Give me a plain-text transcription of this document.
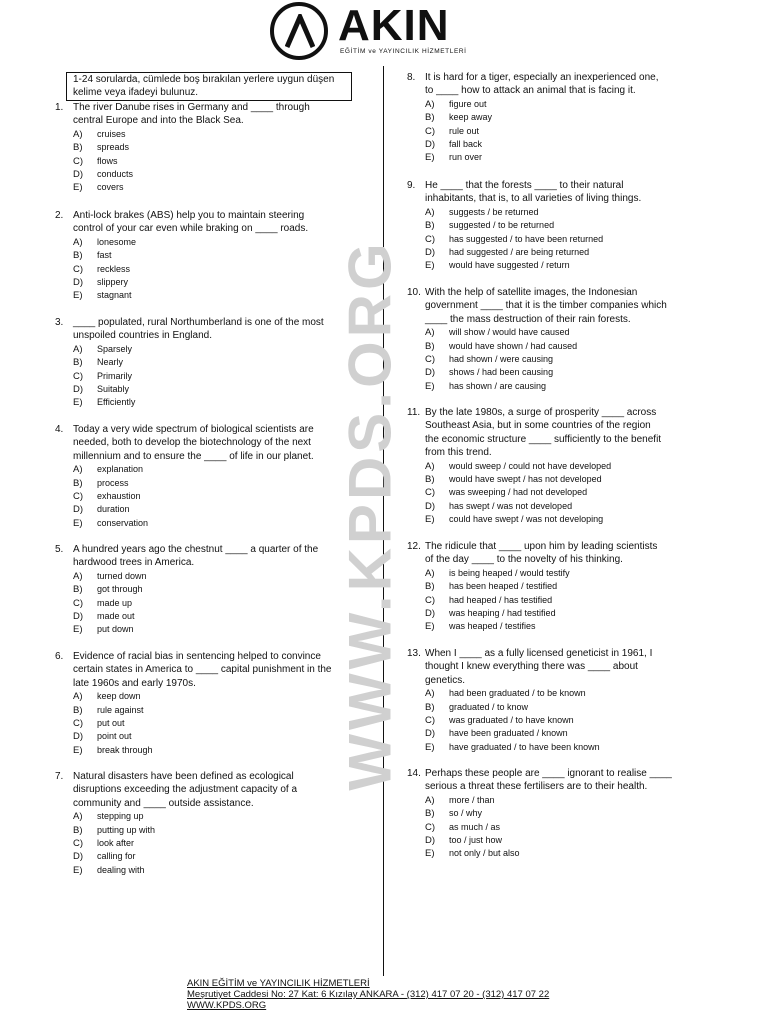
AKIN
EĞİTİM ve YAYINCILIK HİZMETLERİ
WWW.KPDS.ORG
1-24 sorularda, cümlede boş bırakılan yerlere uygun düşen kelime veya ifadeyi bulunuz.
1. The river Danube rises in Germany and ____ through
central Europe and into the Black Sea.
A) cruises
B) spreads
C) flows
D) conducts
E) covers
2. Anti-lock brakes (ABS) help you to maintain steering
control of your car even while braking on ____ roads.
A) lonesome
B) fast
C) reckless
D) slippery
E) stagnant
3. ____ populated, rural Northumberland is one of the most
unspoiled countries in England.
A) Sparsely
B) Nearly
C) Primarily
D) Suitably
E) Efficiently
4. Today a very wide spectrum of biological scientists are
needed, both to develop the biotechnology of the next
millennium and to ensure the ____ of life in our planet.
A) explanation
B) process
C) exhaustion
D) duration
E) conservation
5. A hundred years ago the chestnut ____ a quarter of the
hardwood trees in America.
A) turned down
B) got through
C) made up
D) made out
E) put down
6. Evidence of racial bias in sentencing helped to convince
certain states in America to ____ capital punishment in the
late 1960s and early 1970s.
A) keep down
B) rule against
C) put out
D) point out
E) break through
7. Natural disasters have been defined as ecological
disruptions exceeding the adjustment capacity of a
community and ____ outside assistance.
A) stepping up
B) putting up with
C) look after
D) calling for
E) dealing with
8. It is hard for a tiger, especially an inexperienced one,
to ____ how to attack an animal that is facing it.
A) figure out
B) keep away
C) rule out
D) fall back
E) run over
9. He ____ that the forests ____ to their natural
inhabitants, that is, to all varieties of living things.
A) suggests / be returned
B) suggested / to be returned
C) has suggested / to have been returned
D) had suggested / are being returned
E) would have suggested / return
10. With the help of satellite images, the Indonesian
government ____ that it is the timber companies which
____ the mass destruction of their rain forests.
A) will show / would have caused
B) would have shown / had caused
C) had shown / were causing
D) shows / had been causing
E) has shown / are causing
11. By the late 1980s, a surge of prosperity ____ across
Southeast Asia, but in some countries of the region
the economic structure ____ sufficiently to the benefit
from this trend.
A) would sweep / could not have developed
B) would have swept / has not developed
C) was sweeping / had not developed
D) has swept / was not developed
E) could have swept / was not developing
12. The ridicule that ____ upon him by leading scientists
of the day ____ to the novelty of his thinking.
A) is being heaped / would testify
B) has been heaped / testified
C) had heaped / has testified
D) was heaping / had testified
E) was heaped / testifies
13. When I ____ as a fully licensed geneticist in 1961, I
thought I knew everything there was ____ about
genetics.
A) had been graduated / to be known
B) graduated / to know
C) was graduated / to have known
D) have been graduated / known
E) have graduated / to have been known
14. Perhaps these people are ____ ignorant to realise ____
serious a threat these fertilisers are to their health.
A) more / than
B) so / why
C) as much / as
D) too / just how
E) not only / but also
AKIN EĞİTİM ve YAYINCILIK HİZMETLERİ
Meşrutiyet Caddesi No: 27 Kat: 6 Kızılay ANKARA - (312) 417 07 20 - (312) 417 07 22
WWW.KPDS.ORG
